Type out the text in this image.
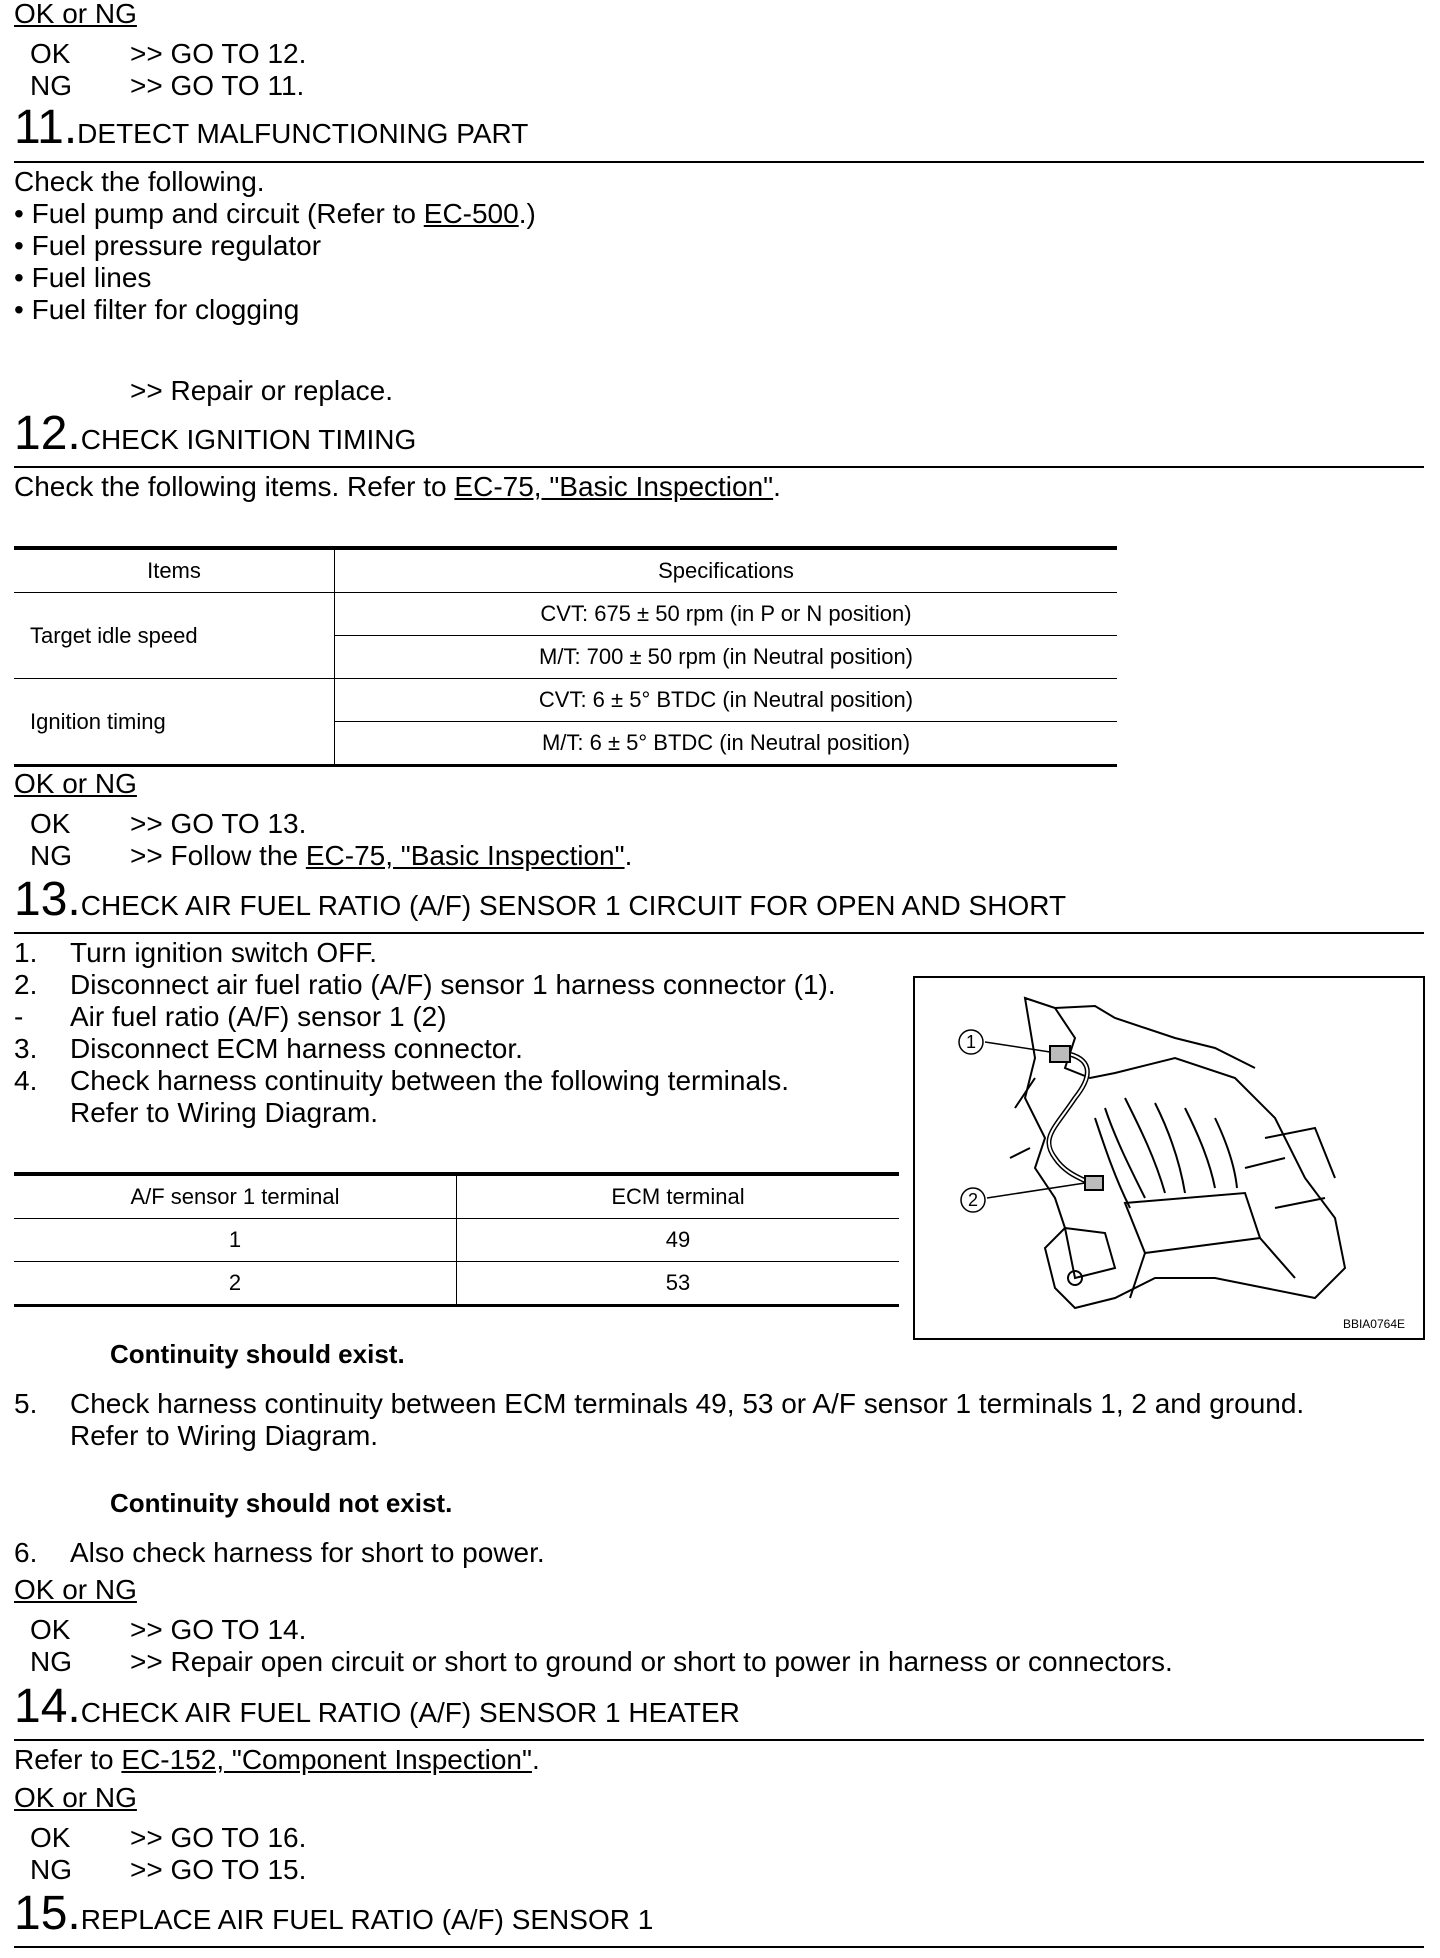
OK or NG
OK >> GO TO 12.
NG >> GO TO 11.
11.DETECT MALFUNCTIONING PART
Check the following.
• Fuel pump and circuit (Refer to EC-500.)
• Fuel pressure regulator
• Fuel lines
• Fuel filter for clogging
>> Repair or replace.
12.CHECK IGNITION TIMING
Check the following items. Refer to EC-75, "Basic Inspection".
Items	Specifications
Target idle speed	CVT: 675 ± 50 rpm (in P or N position)
	M/T: 700 ± 50 rpm (in Neutral position)
Ignition timing	CVT: 6 ± 5° BTDC (in Neutral position)
	M/T: 6 ± 5° BTDC (in Neutral position)
OK or NG
OK >> GO TO 13.
NG >> Follow the EC-75, "Basic Inspection".
13.CHECK AIR FUEL RATIO (A/F) SENSOR 1 CIRCUIT FOR OPEN AND SHORT
1. Turn ignition switch OFF.
2. Disconnect air fuel ratio (A/F) sensor 1 harness connector (1).
- Air fuel ratio (A/F) sensor 1 (2)
3. Disconnect ECM harness connector.
4. Check harness continuity between the following terminals.
Refer to Wiring Diagram.
A/F sensor 1 terminal	ECM terminal
1	49
2	53
1
2
BBIA0764E
Continuity should exist.
5. Check harness continuity between ECM terminals 49, 53 or A/F sensor 1 terminals 1, 2 and ground.
Refer to Wiring Diagram.
Continuity should not exist.
6. Also check harness for short to power.
OK or NG
OK >> GO TO 14.
NG >> Repair open circuit or short to ground or short to power in harness or connectors.
14.CHECK AIR FUEL RATIO (A/F) SENSOR 1 HEATER
Refer to EC-152, "Component Inspection".
OK or NG
OK >> GO TO 16.
NG >> GO TO 15.
15.REPLACE AIR FUEL RATIO (A/F) SENSOR 1
